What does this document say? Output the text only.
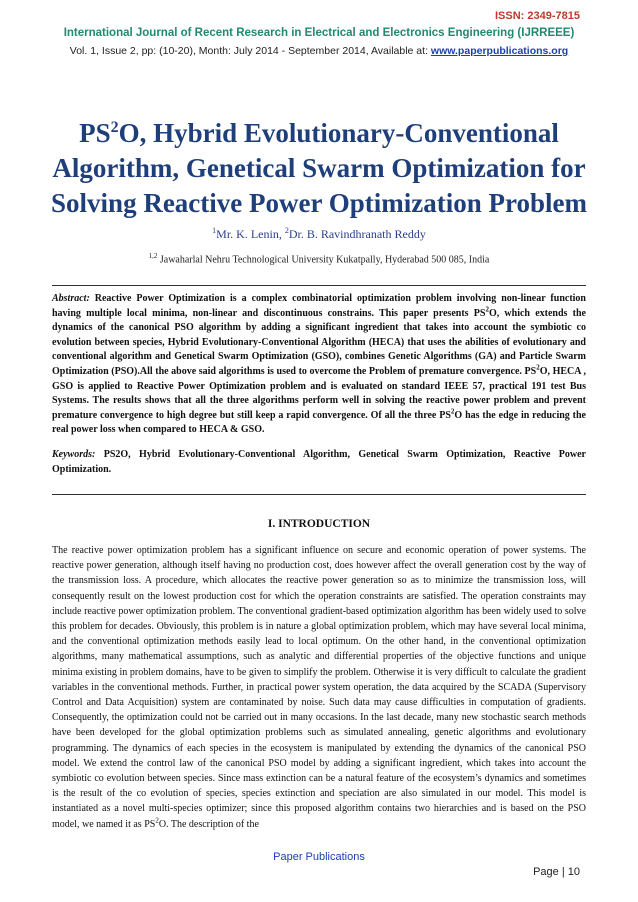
ISSN: 2349-7815
International Journal of Recent Research in Electrical and Electronics Engineering (IJRREEE)
Vol. 1, Issue 2, pp: (10-20), Month: July 2014 - September 2014, Available at: www.paperpublications.org
$PS^2O$, Hybrid Evolutionary-Conventional Algorithm, Genetical Swarm Optimization for Solving Reactive Power Optimization Problem
$^1$Mr. K. Lenin, $^2$Dr. B. Ravindhranath Reddy
$^{1,2}$ Jawaharlal Nehru Technological University Kukatpally, Hyderabad 500 085, India
Abstract: Reactive Power Optimization is a complex combinatorial optimization problem involving non-linear function having multiple local minima, non-linear and discontinuous constrains. This paper presents $PS^2O$, which extends the dynamics of the canonical PSO algorithm by adding a significant ingredient that takes into account the symbiotic co evolution between species, Hybrid Evolutionary-Conventional Algorithm (HECA) that uses the abilities of evolutionary and conventional algorithm and Genetical Swarm Optimization (GSO), combines Genetic Algorithms (GA) and Particle Swarm Optimization (PSO).All the above said algorithms is used to overcome the Problem of premature convergence. $PS^2O$, HECA , GSO is applied to Reactive Power Optimization problem and is evaluated on standard IEEE 57, practical 191 test Bus Systems. The results shows that all the three algorithms perform well in solving the reactive power problem and prevent premature convergence to high degree but still keep a rapid convergence. Of all the three $PS^2O$ has the edge in reducing the real power loss when compared to HECA & GSO.
Keywords: PS2O, Hybrid Evolutionary-Conventional Algorithm, Genetical Swarm Optimization, Reactive Power Optimization.
I. INTRODUCTION
The reactive power optimization problem has a significant influence on secure and economic operation of power systems. The reactive power generation, although itself having no production cost, does however affect the overall generation cost by the way of the transmission loss. A procedure, which allocates the reactive power generation so as to minimize the transmission loss, will consequently result on the lowest production cost for which the operation constraints are satisfied. The operation constraints may include reactive power optimization problem. The conventional gradient-based optimization algorithm has been widely used to solve this problem for decades. Obviously, this problem is in nature a global optimization problem, which may have several local minima, and the conventional optimization methods easily lead to local optimum. On the other hand, in the conventional optimization algorithms, many mathematical assumptions, such as analytic and differential properties of the objective functions and unique minima existing in problem domains, have to be given to simplify the problem. Otherwise it is very difficult to calculate the gradient variables in the conventional methods. Further, in practical power system operation, the data acquired by the SCADA (Supervisory Control and Data Acquisition) system are contaminated by noise. Such data may cause difficulties in computation of gradients. Consequently, the optimization could not be carried out in many occasions. In the last decade, many new stochastic search methods have been developed for the global optimization problems such as simulated annealing, genetic algorithms and evolutionary programming. The dynamics of each species in the ecosystem is manipulated by extending the dynamics of the canonical PSO model. We extend the control law of the canonical PSO model by adding a significant ingredient, which takes into account the symbiotic co evolution between species. Since mass extinction can be a natural feature of the ecosystem’s dynamics and sometimes is the result of the co evolution of species, species extinction and speciation are also simulated in our model. This model is instantiated as a novel multi-species optimizer; since this proposed algorithm contains two hierarchies and is based on the PSO model, we named it as $PS^2O$. The description of the
Page | 10
Paper Publications
